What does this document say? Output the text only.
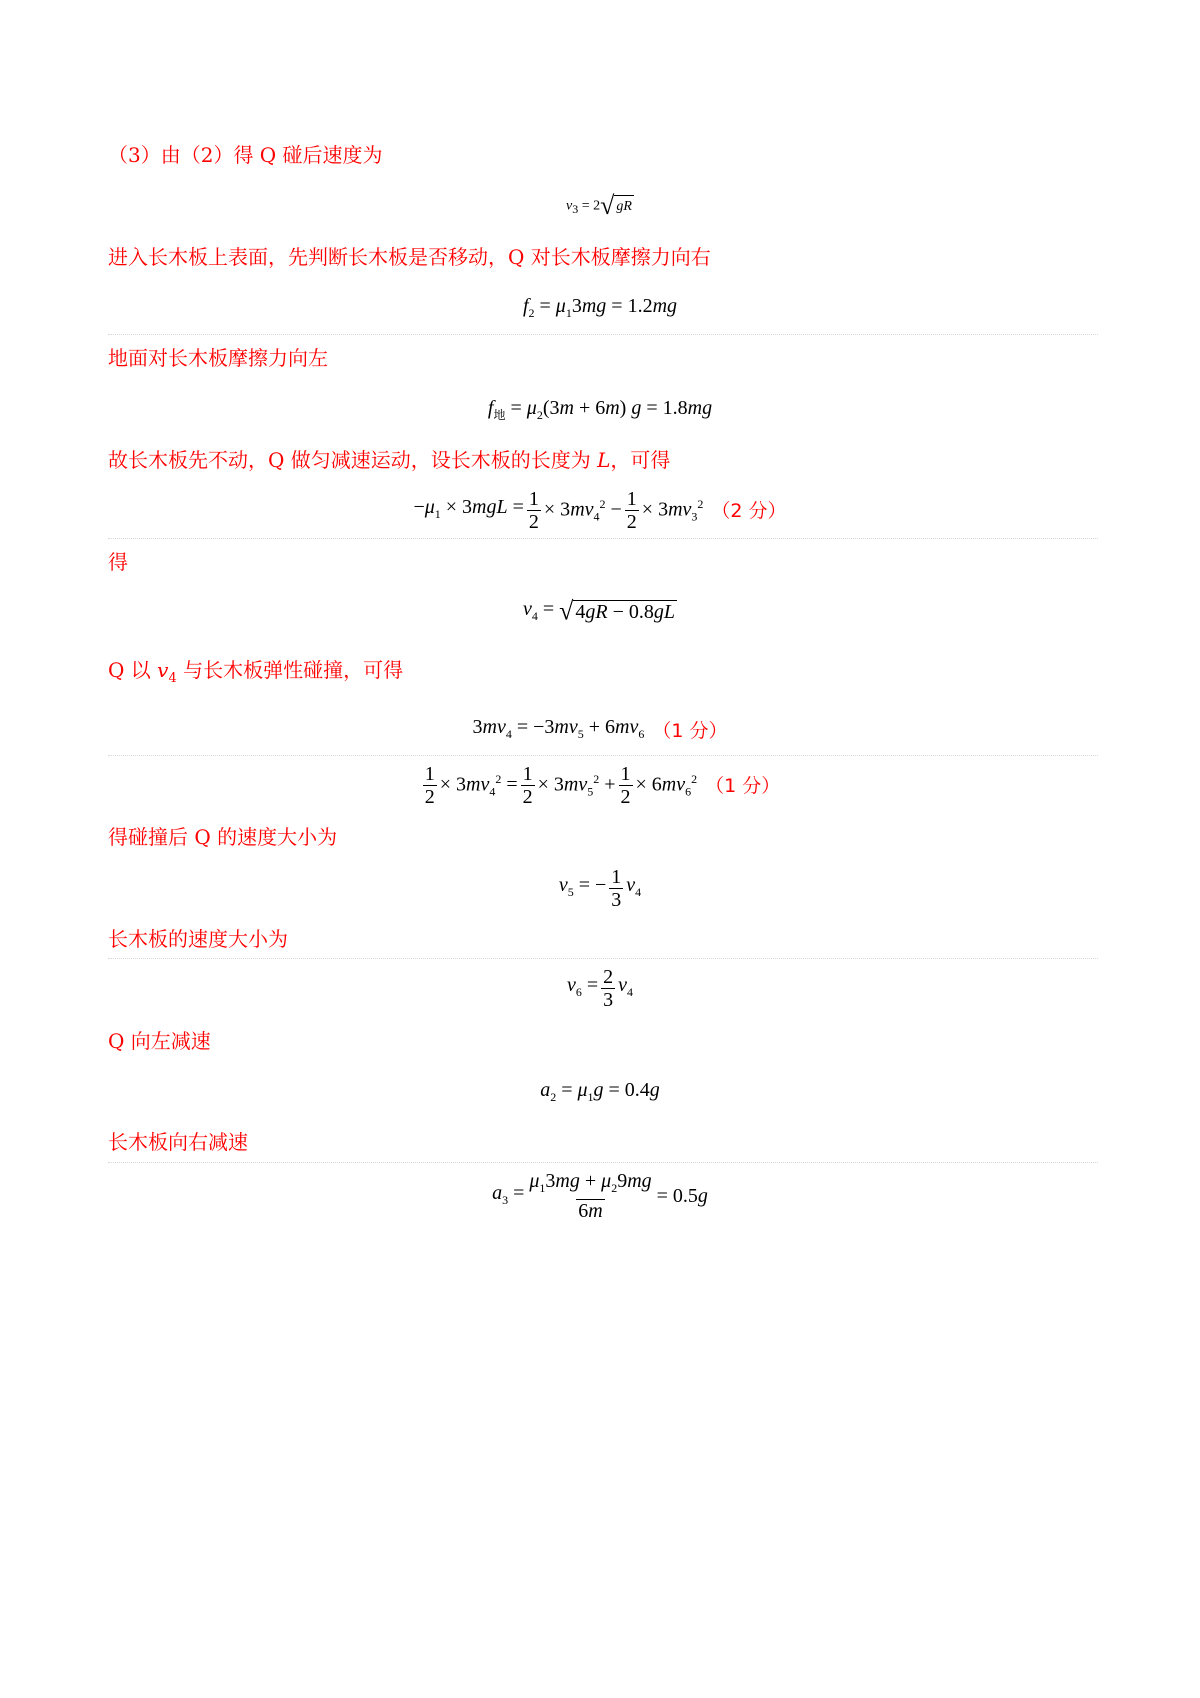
（3）由（2）得 Q 碰后速度为
$v_3 = 2√$ gR
进入长木板上表面，先判断长木板是否移动，Q 对长木板摩擦力向右
$f_2 = \mu_13mg = 1.2mg$
地面对长木板摩擦力向左
$f_地 = \mu_2(3m + 6m) g = 1.8mg$
故长木板先不动，Q 做匀减速运动，设长木板的长度为 L，可得
$-\mu_1 \times 3mgL = \frac{1}{2} \times 3mv_4^2 - \frac{1}{2} \times 3mv_3^2$ （2 分）
得
$v_4$ = √ 4gR − 0.8gL
Q 以 $v_4$ 与长木板弹性碰撞，可得
$3mv_4 = -3mv_5 + 6mv_6$ （1 分）
$\frac{1}{2} \times 3mv_4^2 = \frac{1}{2} \times 3mv_5^2 + \frac{1}{2} \times 6mv_6^2$ （1 分）
得碰撞后 Q 的速度大小为
$v_5$ = − $\frac{1}{3} v_4$
长木板的速度大小为
$v_6 = \frac{2}{3} v_4$
Q 向左减速
$a_2 = \mu_1g = 0.4g$
长木板向右减速
$a_3 = \frac{\mu_13mg + \mu_29mg}{6m} = 0.5g$
